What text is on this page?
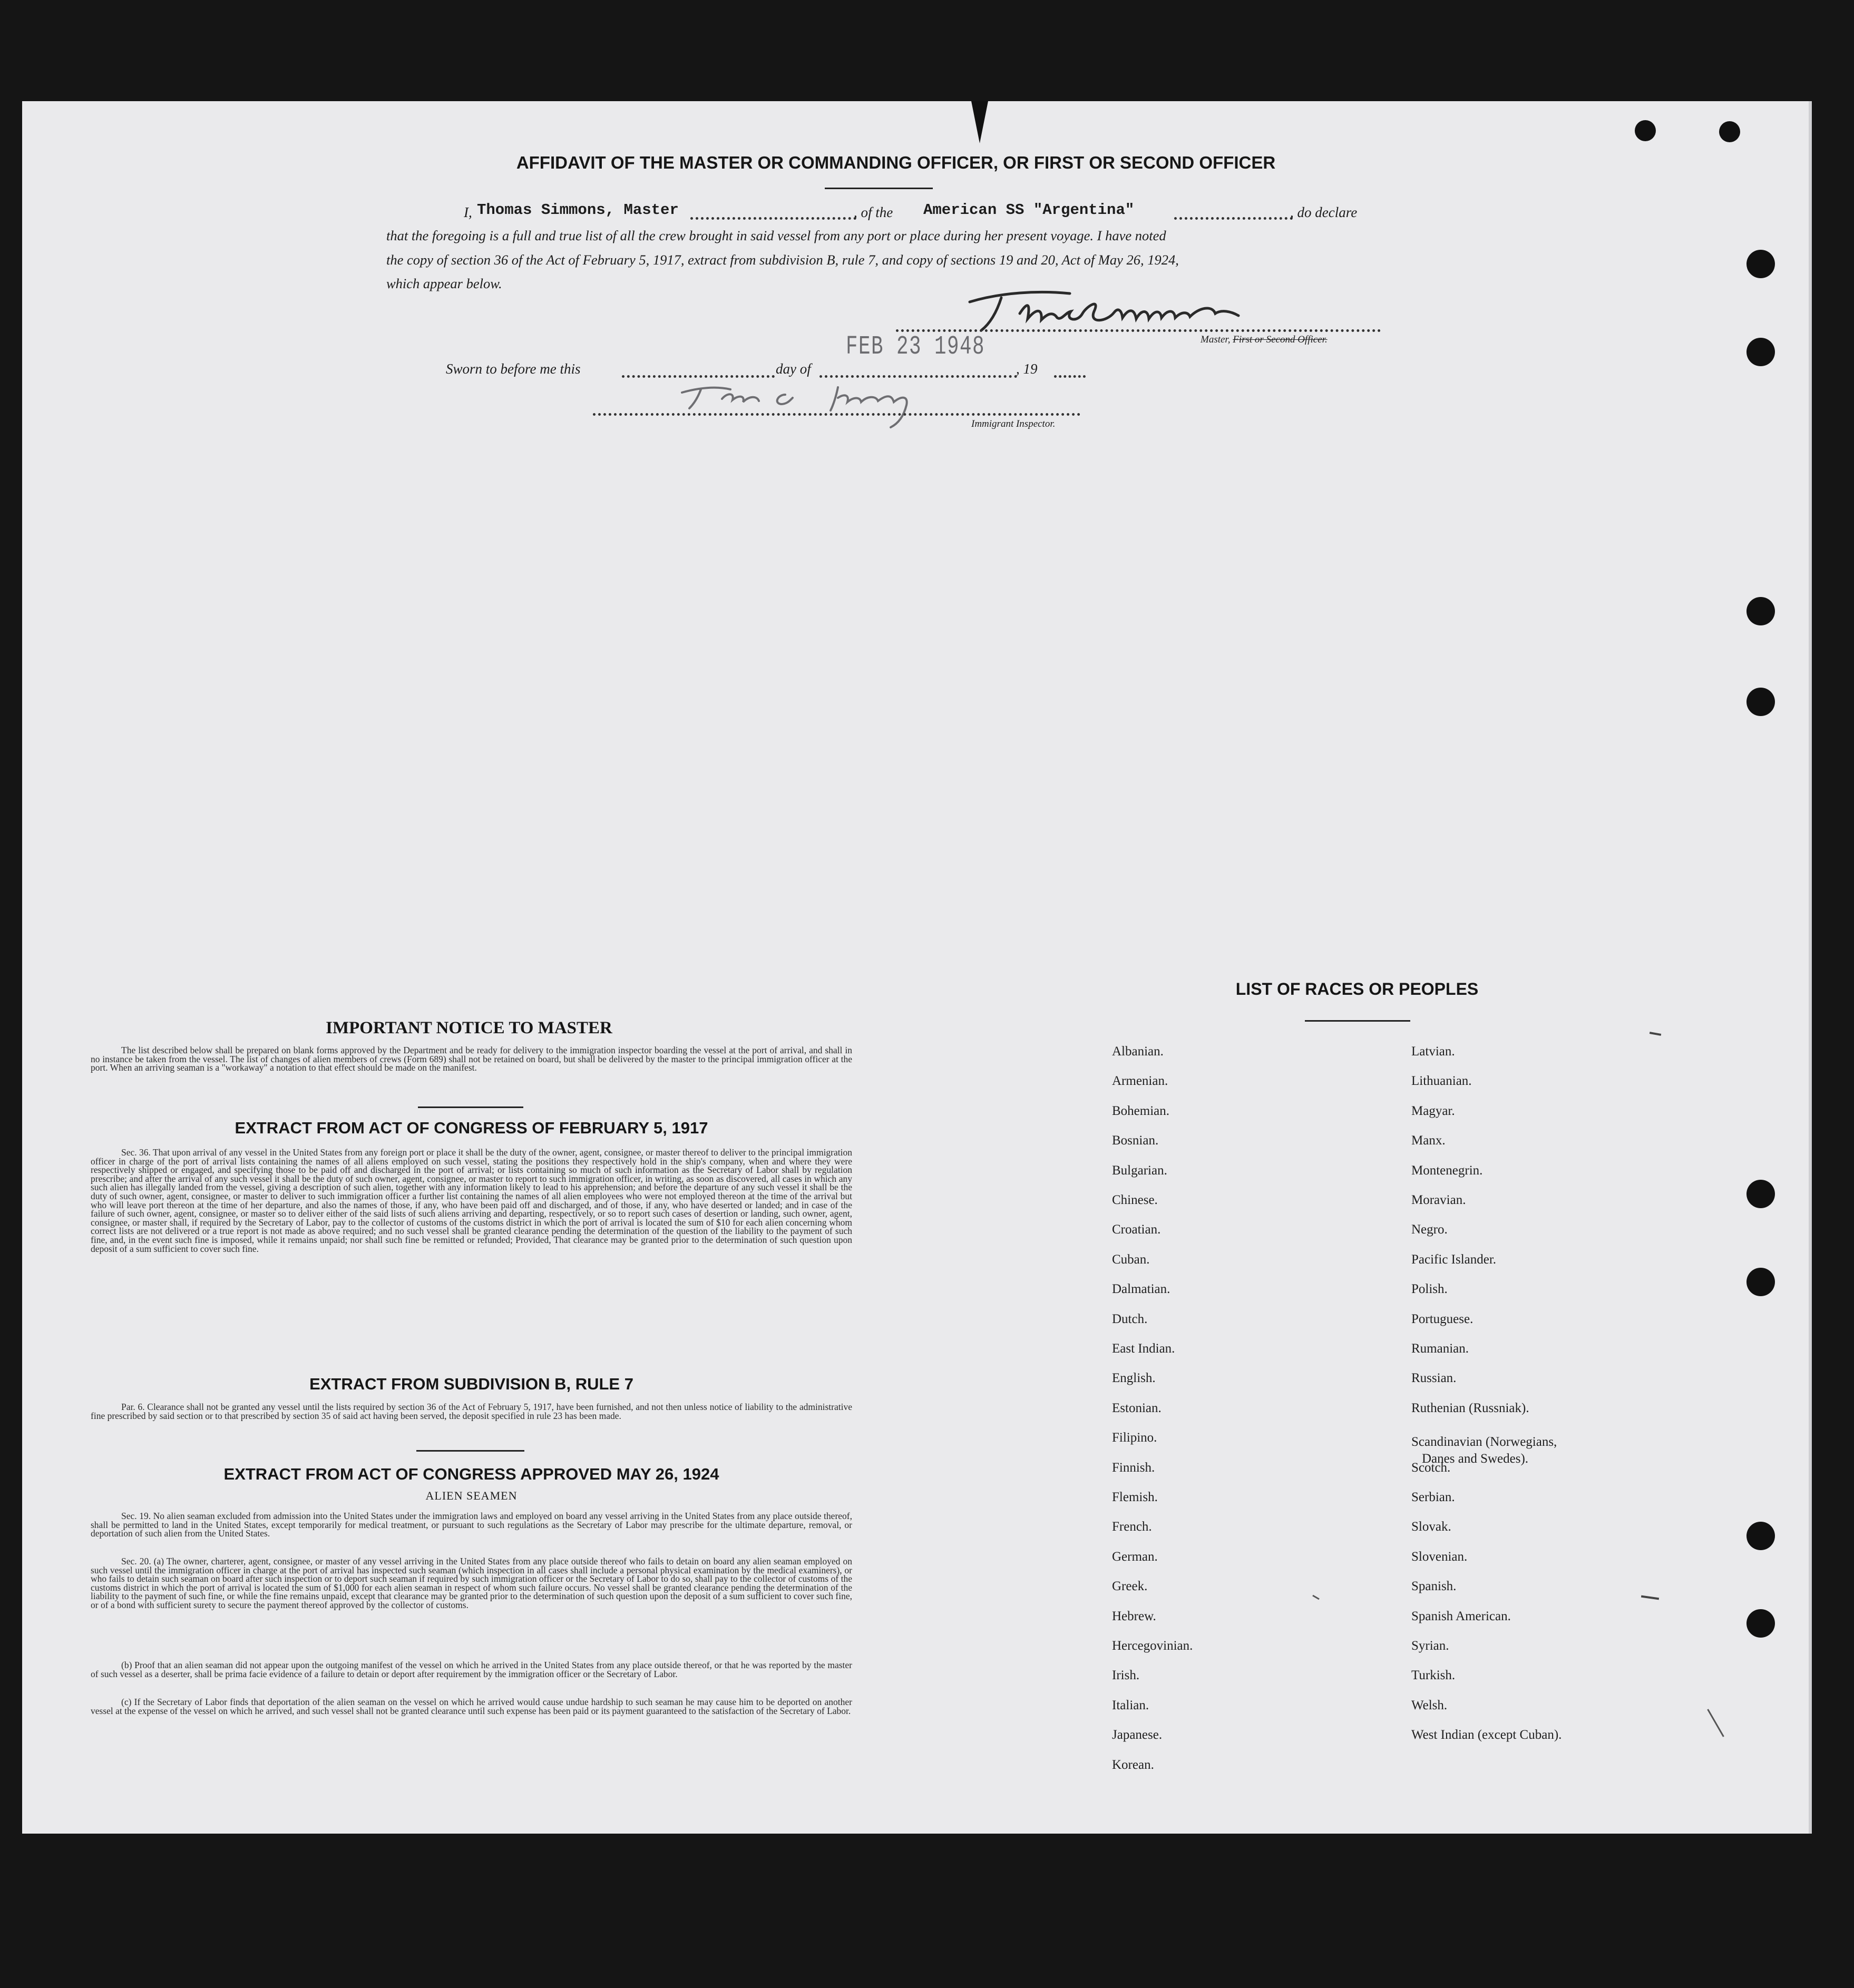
AFFIDAVIT OF THE MASTER OR COMMANDING OFFICER, OR FIRST OR SECOND OFFICER
I, Thomas Simmons, Master	, of the American SS "Argentina"	, do declare
that the foregoing is a full and true list of all the crew brought in said vessel from any port or place during her present voyage. I have noted
the copy of section 36 of the Act of February 5, 1917, extract from subdivision B, rule 7, and copy of sections 19 and 20, Act of May 26, 1924,
which appear below.
Master, First or Second Officer.
FEB 23 1948
Sworn to before me this	day of	, 19
Immigrant Inspector.
IMPORTANT NOTICE TO MASTER
The list described below shall be prepared on blank forms approved by the Department and be ready for delivery to the immigration inspector boarding the vessel at the port of arrival, and shall in no instance be taken from the vessel. The list of changes of alien members of crews (Form 689) shall not be retained on board, but shall be delivered by the master to the principal immigration officer at the port. When an arriving seaman is a "workaway" a notation to that effect should be made on the manifest.
EXTRACT FROM ACT OF CONGRESS OF FEBRUARY 5, 1917
Sec. 36. That upon arrival of any vessel in the United States from any foreign port or place it shall be the duty of the owner, agent, consignee, or master thereof to deliver to the principal immigration officer in charge of the port of arrival lists containing the names of all aliens employed on such vessel, stating the positions they respectively hold in the ship's company, when and where they were respectively shipped or engaged, and specifying those to be paid off and discharged in the port of arrival; or lists containing so much of such information as the Secretary of Labor shall by regulation prescribe; and after the arrival of any such vessel it shall be the duty of such owner, agent, consignee, or master to report to such immigration officer, in writing, as soon as discovered, all cases in which any such alien has illegally landed from the vessel, giving a description of such alien, together with any information likely to lead to his apprehension; and before the departure of any such vessel it shall be the duty of such owner, agent, consignee, or master to deliver to such immigration officer a further list containing the names of all alien employees who were not employed thereon at the time of the arrival but who will leave port thereon at the time of her departure, and also the names of those, if any, who have been paid off and discharged, and of those, if any, who have deserted or landed; and in case of the failure of such owner, agent, consignee, or master so to deliver either of the said lists of such aliens arriving and departing, respectively, or so to report such cases of desertion or landing, such owner, agent, consignee, or master shall, if required by the Secretary of Labor, pay to the collector of customs of the customs district in which the port of arrival is located the sum of $10 for each alien concerning whom correct lists are not delivered or a true report is not made as above required; and no such vessel shall be granted clearance pending the determination of the question of the liability to the payment of such fine, and, in the event such fine is imposed, while it remains unpaid; nor shall such fine be remitted or refunded; Provided, That clearance may be granted prior to the determination of such question upon deposit of a sum sufficient to cover such fine.
EXTRACT FROM SUBDIVISION B, RULE 7
Par. 6. Clearance shall not be granted any vessel until the lists required by section 36 of the Act of February 5, 1917, have been furnished, and not then unless notice of liability to the administrative fine prescribed by said section or to that prescribed by section 35 of said act having been served, the deposit specified in rule 23 has been made.
EXTRACT FROM ACT OF CONGRESS APPROVED MAY 26, 1924
ALIEN SEAMEN
Sec. 19. No alien seaman excluded from admission into the United States under the immigration laws and employed on board any vessel arriving in the United States from any place outside thereof, shall be permitted to land in the United States, except temporarily for medical treatment, or pursuant to such regulations as the Secretary of Labor may prescribe for the ultimate departure, removal, or deportation of such alien from the United States.
Sec. 20. (a) The owner, charterer, agent, consignee, or master of any vessel arriving in the United States from any place outside thereof who fails to detain on board any alien seaman employed on such vessel until the immigration officer in charge at the port of arrival has inspected such seaman (which inspection in all cases shall include a personal physical examination by the medical examiners), or who fails to detain such seaman on board after such inspection or to deport such seaman if required by such immigration officer or the Secretary of Labor to do so, shall pay to the collector of customs of the customs district in which the port of arrival is located the sum of $1,000 for each alien seaman in respect of whom such failure occurs. No vessel shall be granted clearance pending the determination of the liability to the payment of such fine, or while the fine remains unpaid, except that clearance may be granted prior to the determination of such question upon the deposit of a sum sufficient to cover such fine, or of a bond with sufficient surety to secure the payment thereof approved by the collector of customs.
(b) Proof that an alien seaman did not appear upon the outgoing manifest of the vessel on which he arrived in the United States from any place outside thereof, or that he was reported by the master of such vessel as a deserter, shall be prima facie evidence of a failure to detain or deport after requirement by the immigration officer or the Secretary of Labor.
(c) If the Secretary of Labor finds that deportation of the alien seaman on the vessel on which he arrived would cause undue hardship to such seaman he may cause him to be deported on another vessel at the expense of the vessel on which he arrived, and such vessel shall not be granted clearance until such expense has been paid or its payment guaranteed to the satisfaction of the Secretary of Labor.
LIST OF RACES OR PEOPLES
Albanian.
Armenian.
Bohemian.
Bosnian.
Bulgarian.
Chinese.
Croatian.
Cuban.
Dalmatian.
Dutch.
East Indian.
English.
Estonian.
Filipino.
Finnish.
Flemish.
French.
German.
Greek.
Hebrew.
Hercegovinian.
Irish.
Italian.
Japanese.
Korean.
Latvian.
Lithuanian.
Magyar.
Manx.
Montenegrin.
Moravian.
Negro.
Pacific Islander.
Polish.
Portuguese.
Rumanian.
Russian.
Ruthenian (Russniak).
Scandinavian (Norwegians,
Danes and Swedes).
Scotch.
Serbian.
Slovak.
Slovenian.
Spanish.
Spanish American.
Syrian.
Turkish.
Welsh.
West Indian (except Cuban).
